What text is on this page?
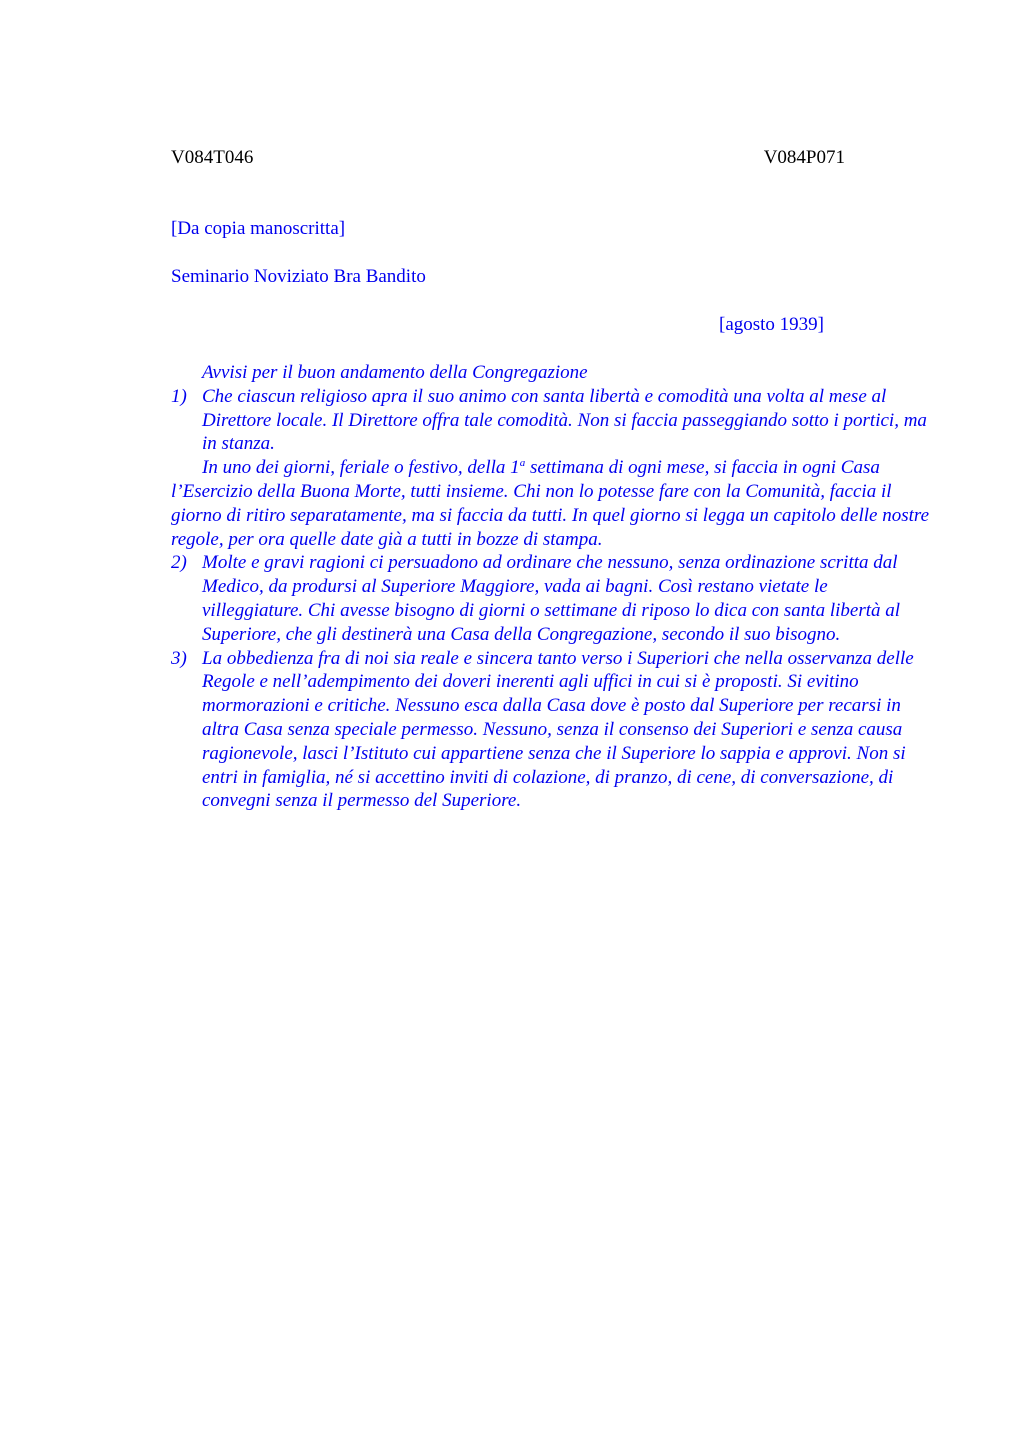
V084T046	V084P071
[Da copia manoscritta]
Seminario Noviziato Bra Bandito
[agosto 1939]

Avvisi per il buon andamento della Congregazione

1) Che ciascun religioso apra il suo animo con santa libertà e comodità una volta al mese al Direttore locale. Il Direttore offra tale comodità. Non si faccia passeggiando sotto i portici, ma in stanza.

In uno dei giorni, feriale o festivo, della 1$^a$ settimana di ogni mese, si faccia in ogni Casa l’Esercizio della Buona Morte, tutti insieme. Chi non lo potesse fare con la Comunità, faccia il giorno di ritiro separatamente, ma si faccia da tutti. In quel giorno si legga un capitolo delle nostre regole, per ora quelle date già a tutti in bozze di stampa.

2) Molte e gravi ragioni ci persuadono ad ordinare che nessuno, senza ordinazione scritta dal Medico, da prodursi al Superiore Maggiore, vada ai bagni. Così restano vietate le villeggiature. Chi avesse bisogno di giorni o settimane di riposo lo dica con santa libertà al Superiore, che gli destinerà una Casa della Congregazione, secondo il suo bisogno.

3) La obbedienza fra di noi sia reale e sincera tanto verso i Superiori che nella osservanza delle Regole e nell’adempimento dei doveri inerenti agli uffici in cui si è proposti. Si evitino mormorazioni e critiche. Nessuno esca dalla Casa dove è posto dal Superiore per recarsi in altra Casa senza speciale permesso. Nessuno, senza il consenso dei Superiori e senza causa ragionevole, lasci l’Istituto cui appartiene senza che il Superiore lo sappia e approvi. Non si entri in famiglia, né si accettino inviti di colazione, di pranzo, di cene, di conversazione, di convegni senza il permesso del Superiore.
